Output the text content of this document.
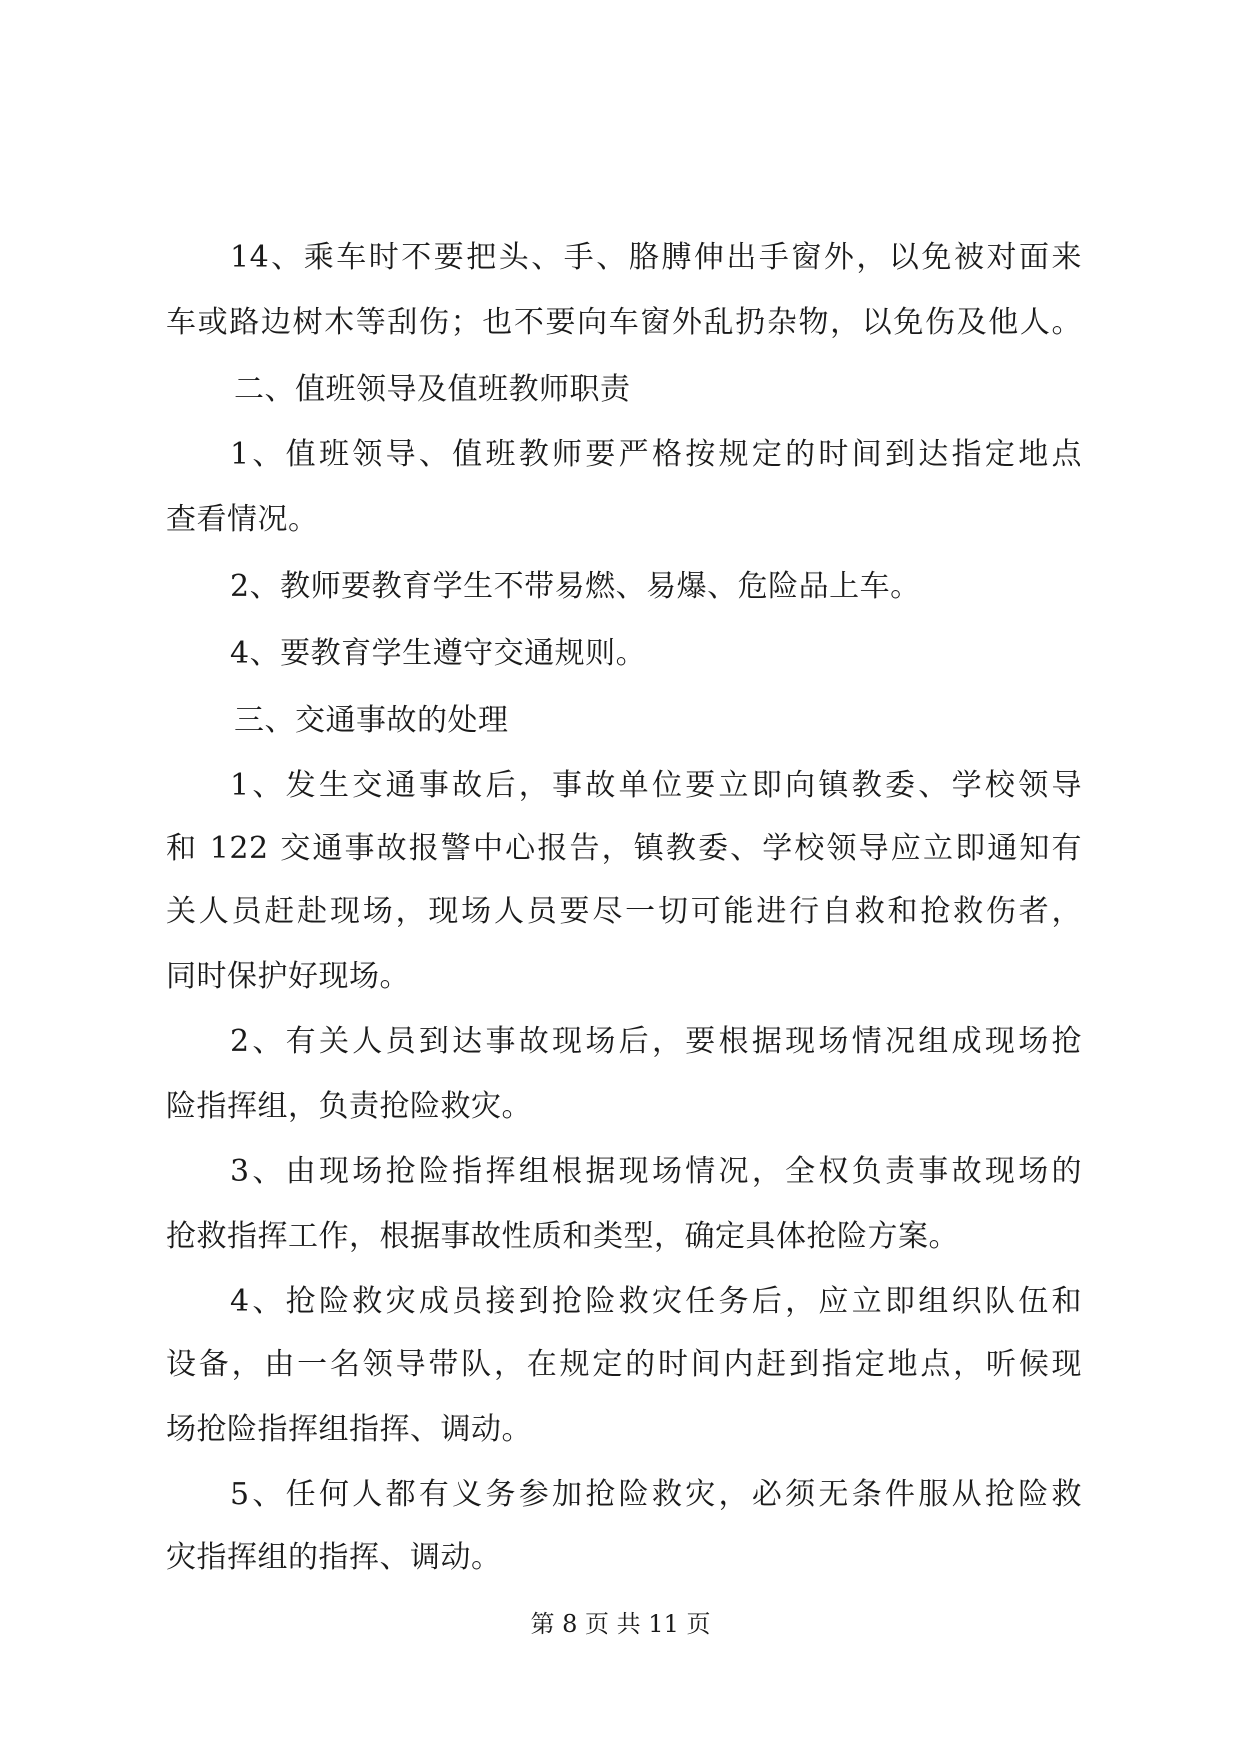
14、乘车时不要把头、手、胳膊伸出手窗外，以免被对面来
车或路边树木等刮伤；也不要向车窗外乱扔杂物，以免伤及他人。
二、值班领导及值班教师职责
1、值班领导、值班教师要严格按规定的时间到达指定地点
查看情况。
2、教师要教育学生不带易燃、易爆、危险品上车。
4、要教育学生遵守交通规则。
三、交通事故的处理
1、发生交通事故后，事故单位要立即向镇教委、学校领导
和 122 交通事故报警中心报告，镇教委、学校领导应立即通知有
关人员赶赴现场，现场人员要尽一切可能进行自救和抢救伤者，
同时保护好现场。
2、有关人员到达事故现场后，要根据现场情况组成现场抢
险指挥组，负责抢险救灾。
3、由现场抢险指挥组根据现场情况，全权负责事故现场的
抢救指挥工作，根据事故性质和类型，确定具体抢险方案。
4、抢险救灾成员接到抢险救灾任务后，应立即组织队伍和
设备，由一名领导带队，在规定的时间内赶到指定地点，听候现
场抢险指挥组指挥、调动。
5、任何人都有义务参加抢险救灾，必须无条件服从抢险救
灾指挥组的指挥、调动。
第 8 页 共 11 页
